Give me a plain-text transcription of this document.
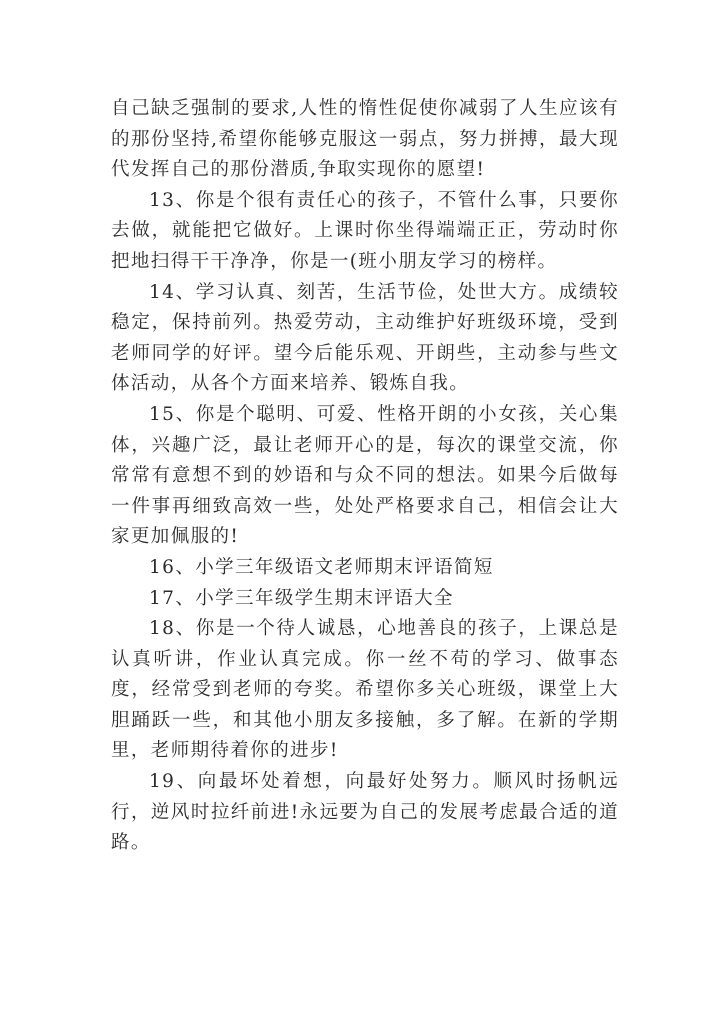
自己缺乏强制的要求,人性的惰性促使你减弱了人生应该有的那份坚持,希望你能够克服这一弱点，努力拼搏，最大现代发挥自己的那份潜质,争取实现你的愿望!

13、你是个很有责任心的孩子，不管什么事，只要你去做，就能把它做好。上课时你坐得端端正正，劳动时你把地扫得干干净净，你是一(班小朋友学习的榜样。

14、学习认真、刻苦，生活节俭，处世大方。成绩较稳定，保持前列。热爱劳动，主动维护好班级环境，受到老师同学的好评。望今后能乐观、开朗些，主动参与些文体活动，从各个方面来培养、锻炼自我。

15、你是个聪明、可爱、性格开朗的小女孩，关心集体，兴趣广泛，最让老师开心的是，每次的课堂交流，你常常有意想不到的妙语和与众不同的想法。如果今后做每一件事再细致高效一些，处处严格要求自己，相信会让大家更加佩服的!

16、小学三年级语文老师期末评语简短

17、小学三年级学生期末评语大全

18、你是一个待人诚恳，心地善良的孩子，上课总是认真听讲，作业认真完成。你一丝不苟的学习、做事态度，经常受到老师的夸奖。希望你多关心班级，课堂上大胆踊跃一些，和其他小朋友多接触，多了解。在新的学期里，老师期待着你的进步!

19、向最坏处着想，向最好处努力。顺风时扬帆远行，逆风时拉纤前进!永远要为自己的发展考虑最合适的道路。
